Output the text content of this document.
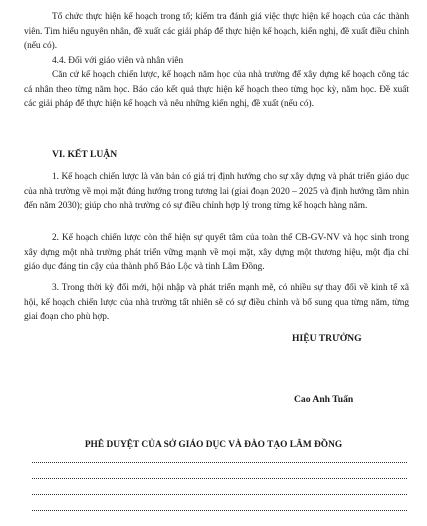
Tổ chức thực hiện kế hoạch trong tổ; kiểm tra đánh giá việc thực hiện kế hoạch của các thành viên. Tìm hiểu nguyên nhân, đề xuất các giải pháp để thực hiện kế hoạch, kiến nghị, đề xuất điều chỉnh (nếu có).

4.4. Đối với giáo viên và nhân viên

Căn cứ kế hoạch chiến lược, kế hoạch năm học của nhà trường để xây dựng kế hoạch công tác cá nhân theo từng năm học. Báo cáo kết quả thực hiện kế hoạch theo từng học kỳ, năm học. Đề xuất các giải pháp để thực hiện kế hoạch và nêu những kiến nghị, đề xuất (nếu có).

VI. KẾT LUẬN

1. Kế hoạch chiến lược là văn bản có giá trị định hướng cho sự xây dựng và phát triển giáo dục của nhà trường về mọi mặt đúng hướng trong tương lai (giai đoạn 2020 – 2025 và định hướng tầm nhìn đến năm 2030); giúp cho nhà trường có sự điều chỉnh hợp lý trong từng kế hoạch hàng năm.

2. Kế hoạch chiến lược còn thể hiện sự quyết tâm của toàn thể CB-GV-NV và học sinh trong xây dựng một nhà trường phát triển vững mạnh về mọi mặt, xây dựng một thương hiệu, một địa chỉ giáo dục đáng tin cậy của thành phố Bảo Lộc và tỉnh Lâm Đồng.

3. Trong thời kỳ đổi mới, hội nhập và phát triển mạnh mẽ, có nhiều sự thay đổi về kinh tế xã hội, kế hoạch chiến lược của nhà trường tất nhiên sẽ có sự điều chỉnh và bổ sung qua từng năm, từng giai đoạn cho phù hợp.

HIỆU TRƯỞNG

Cao Anh Tuấn

PHÊ DUYỆT CỦA SỞ GIÁO DỤC VÀ ĐÀO TẠO LÂM ĐỒNG
